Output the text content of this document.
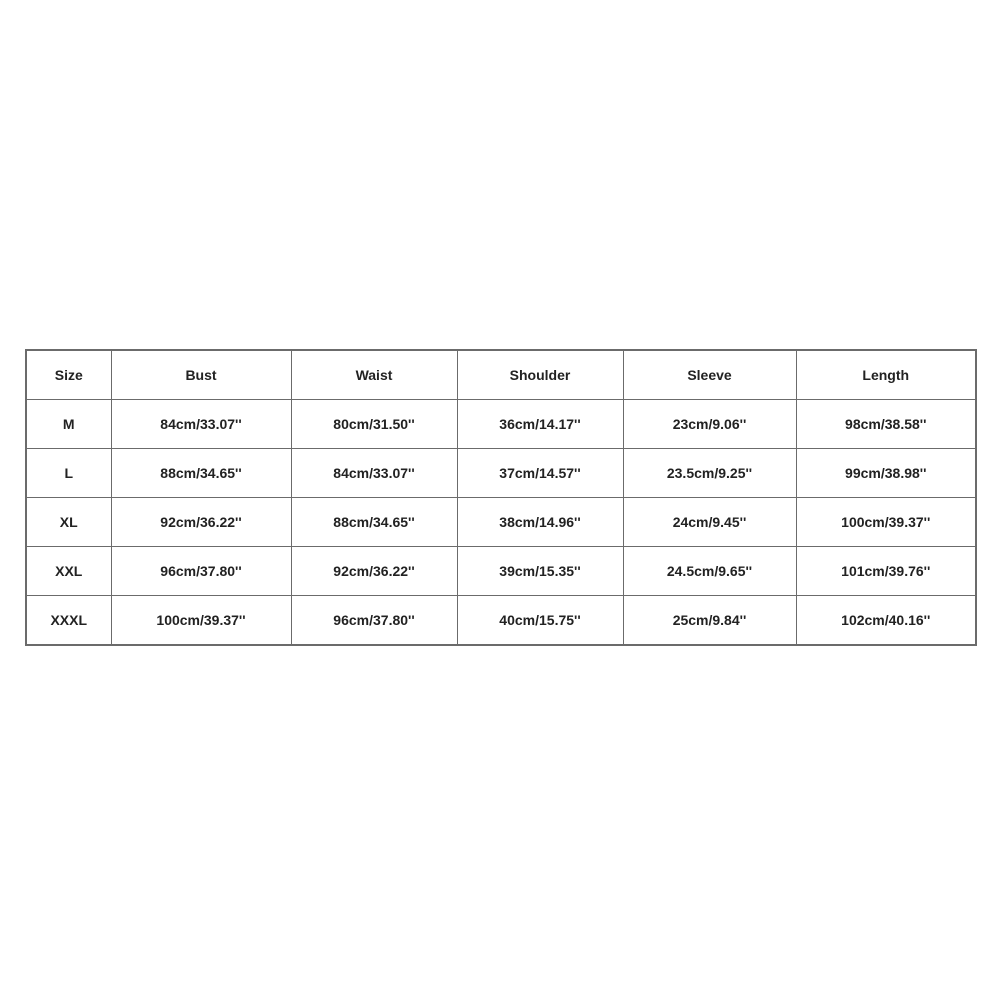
Size	Bust	Waist	Shoulder	Sleeve	Length
M	84cm/33.07''	80cm/31.50''	36cm/14.17''	23cm/9.06''	98cm/38.58''
L	88cm/34.65''	84cm/33.07''	37cm/14.57''	23.5cm/9.25''	99cm/38.98''
XL	92cm/36.22''	88cm/34.65''	38cm/14.96''	24cm/9.45''	100cm/39.37''
XXL	96cm/37.80''	92cm/36.22''	39cm/15.35''	24.5cm/9.65''	101cm/39.76''
XXXL	100cm/39.37''	96cm/37.80''	40cm/15.75''	25cm/9.84''	102cm/40.16''
